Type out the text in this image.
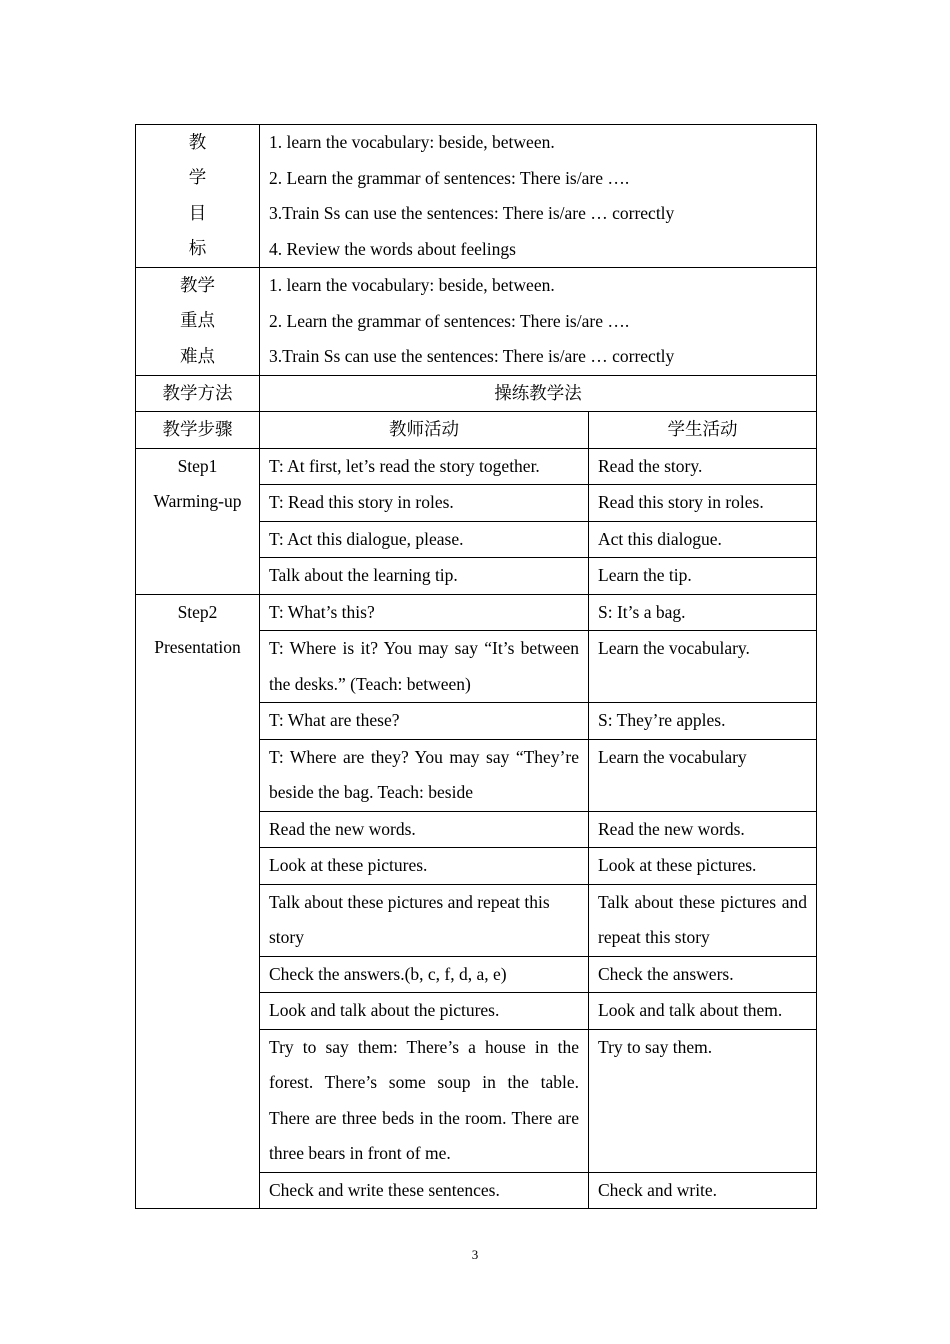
教
学
目
标	1. learn the vocabulary: beside, between.
2. Learn the grammar of sentences: There is/are ….
3.Train Ss can use the sentences: There is/are … correctly
4. Review the words about feelings	

教学
重点
难点	1. learn the vocabulary: beside, between.
2. Learn the grammar of sentences: There is/are ….
3.Train Ss can use the sentences: There is/are … correctly	

教学方法	操练教学法	
教学步骤	教师活动	学生活动

Step1
Warming-up	T: At first, let’s read the story together.	Read the story.
	T: Read this story in roles.	Read this story in roles.
	T: Act this dialogue, please.	Act this dialogue.
	Talk about the learning tip.	Learn the tip.

Step2
Presentation	T: What’s this?	S: It’s a bag.
	T: Where is it? You may say “It’s between the desks.” (Teach: between)	Learn the vocabulary.
	T: What are these?	S: They’re apples.
	T: Where are they? You may say “They’re beside the bag. Teach: beside	Learn the vocabulary
	Read the new words.	Read the new words.
	Look at these pictures.	Look at these pictures.
	Talk about these pictures and repeat this story	Talk about these pictures and repeat this story
	Check the answers.(b, c, f, d, a, e)	Check the answers.
	Look and talk about the pictures.	Look and talk about them.
	Try to say them: There’s a house in the forest. There’s some soup in the table. There are three beds in the room. There are three bears in front of me.	Try to say them.
	Check and write these sentences.	Check and write.
3
